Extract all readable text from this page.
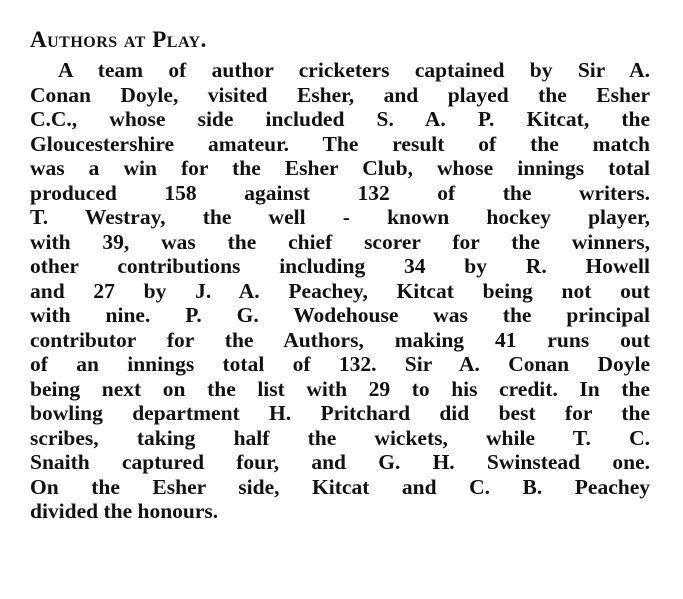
Authors at Play.
A team of author cricketers captained by Sir A.
Conan Doyle, visited Esher, and played the Esher
C.C., whose side included S. A. P. Kitcat, the
Gloucestershire amateur. The result of the match
was a win for the Esher Club, whose innings total
produced 158 against 132 of the writers.
T. Westray, the well - known hockey player,
with 39, was the chief scorer for the winners,
other contributions including 34 by R. Howell
and 27 by J. A. Peachey, Kitcat being not out
with nine. P. G. Wodehouse was the principal
contributor for the Authors, making 41 runs out
of an innings total of 132. Sir A. Conan Doyle
being next on the list with 29 to his credit. In the
bowling department H. Pritchard did best for the
scribes, taking half the wickets, while T. C.
Snaith captured four, and G. H. Swinstead one.
On the Esher side, Kitcat and C. B. Peachey
divided the honours.
